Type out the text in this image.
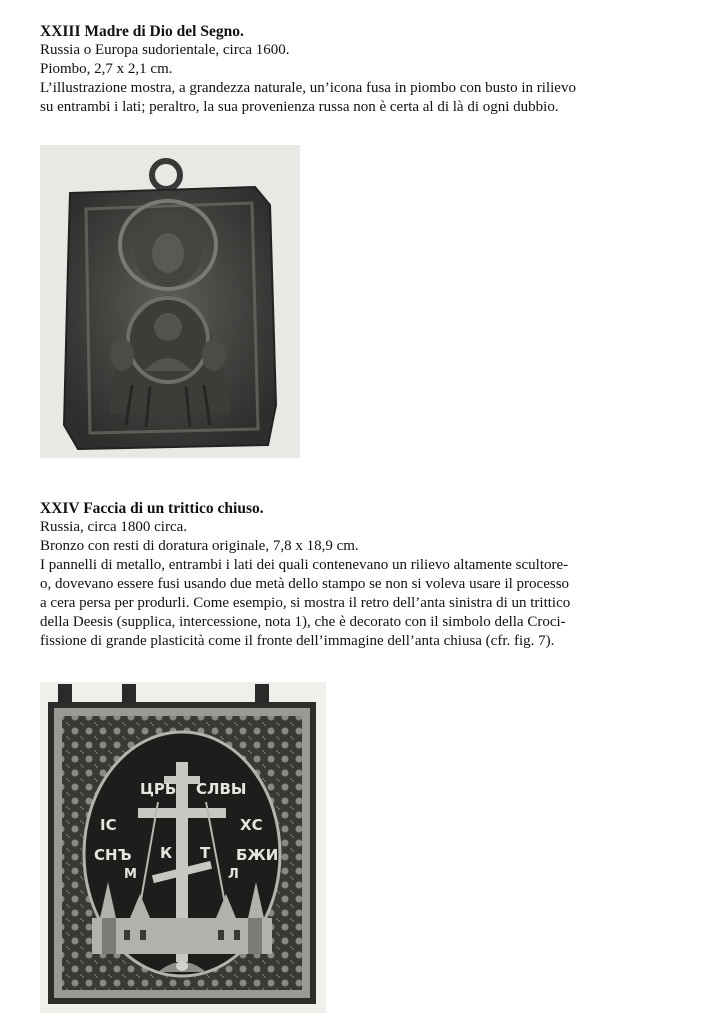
XXIII Madre di Dio del Segno.

Russia o Europa sudorientale, circa 1600.

Piombo, 2,7 x 2,1 cm.

L’illustrazione mostra, a grandezza naturale, un’icona fusa in piombo con busto in rilievo

su entrambi i lati; peraltro, la sua provenienza russa non è certa al di là di ogni dubbio.

XXIV Faccia di un trittico chiuso.

Russia, circa 1800 circa.

Bronzo con resti di doratura originale, 7,8 x 18,9 cm.

I pannelli di metallo, entrambi i lati dei quali contenevano un rilievo altamente scultore-

o, dovevano essere fusi usando due metà dello stampo se non si voleva usare il processo

a cera persa per produrli. Come esempio, si mostra il retro dell’anta sinistra di un trittico

della Deesis (supplica, intercessione, nota 1), che è decorato con il simbolo della Croci-

fissione di grande plasticità come il fronte dell’immagine dell’anta chiusa (cfr. fig. 7).

ЦРЬ СЛВЫ
ІС	ХС
СНЪ К Т БЖИ
М	Л
